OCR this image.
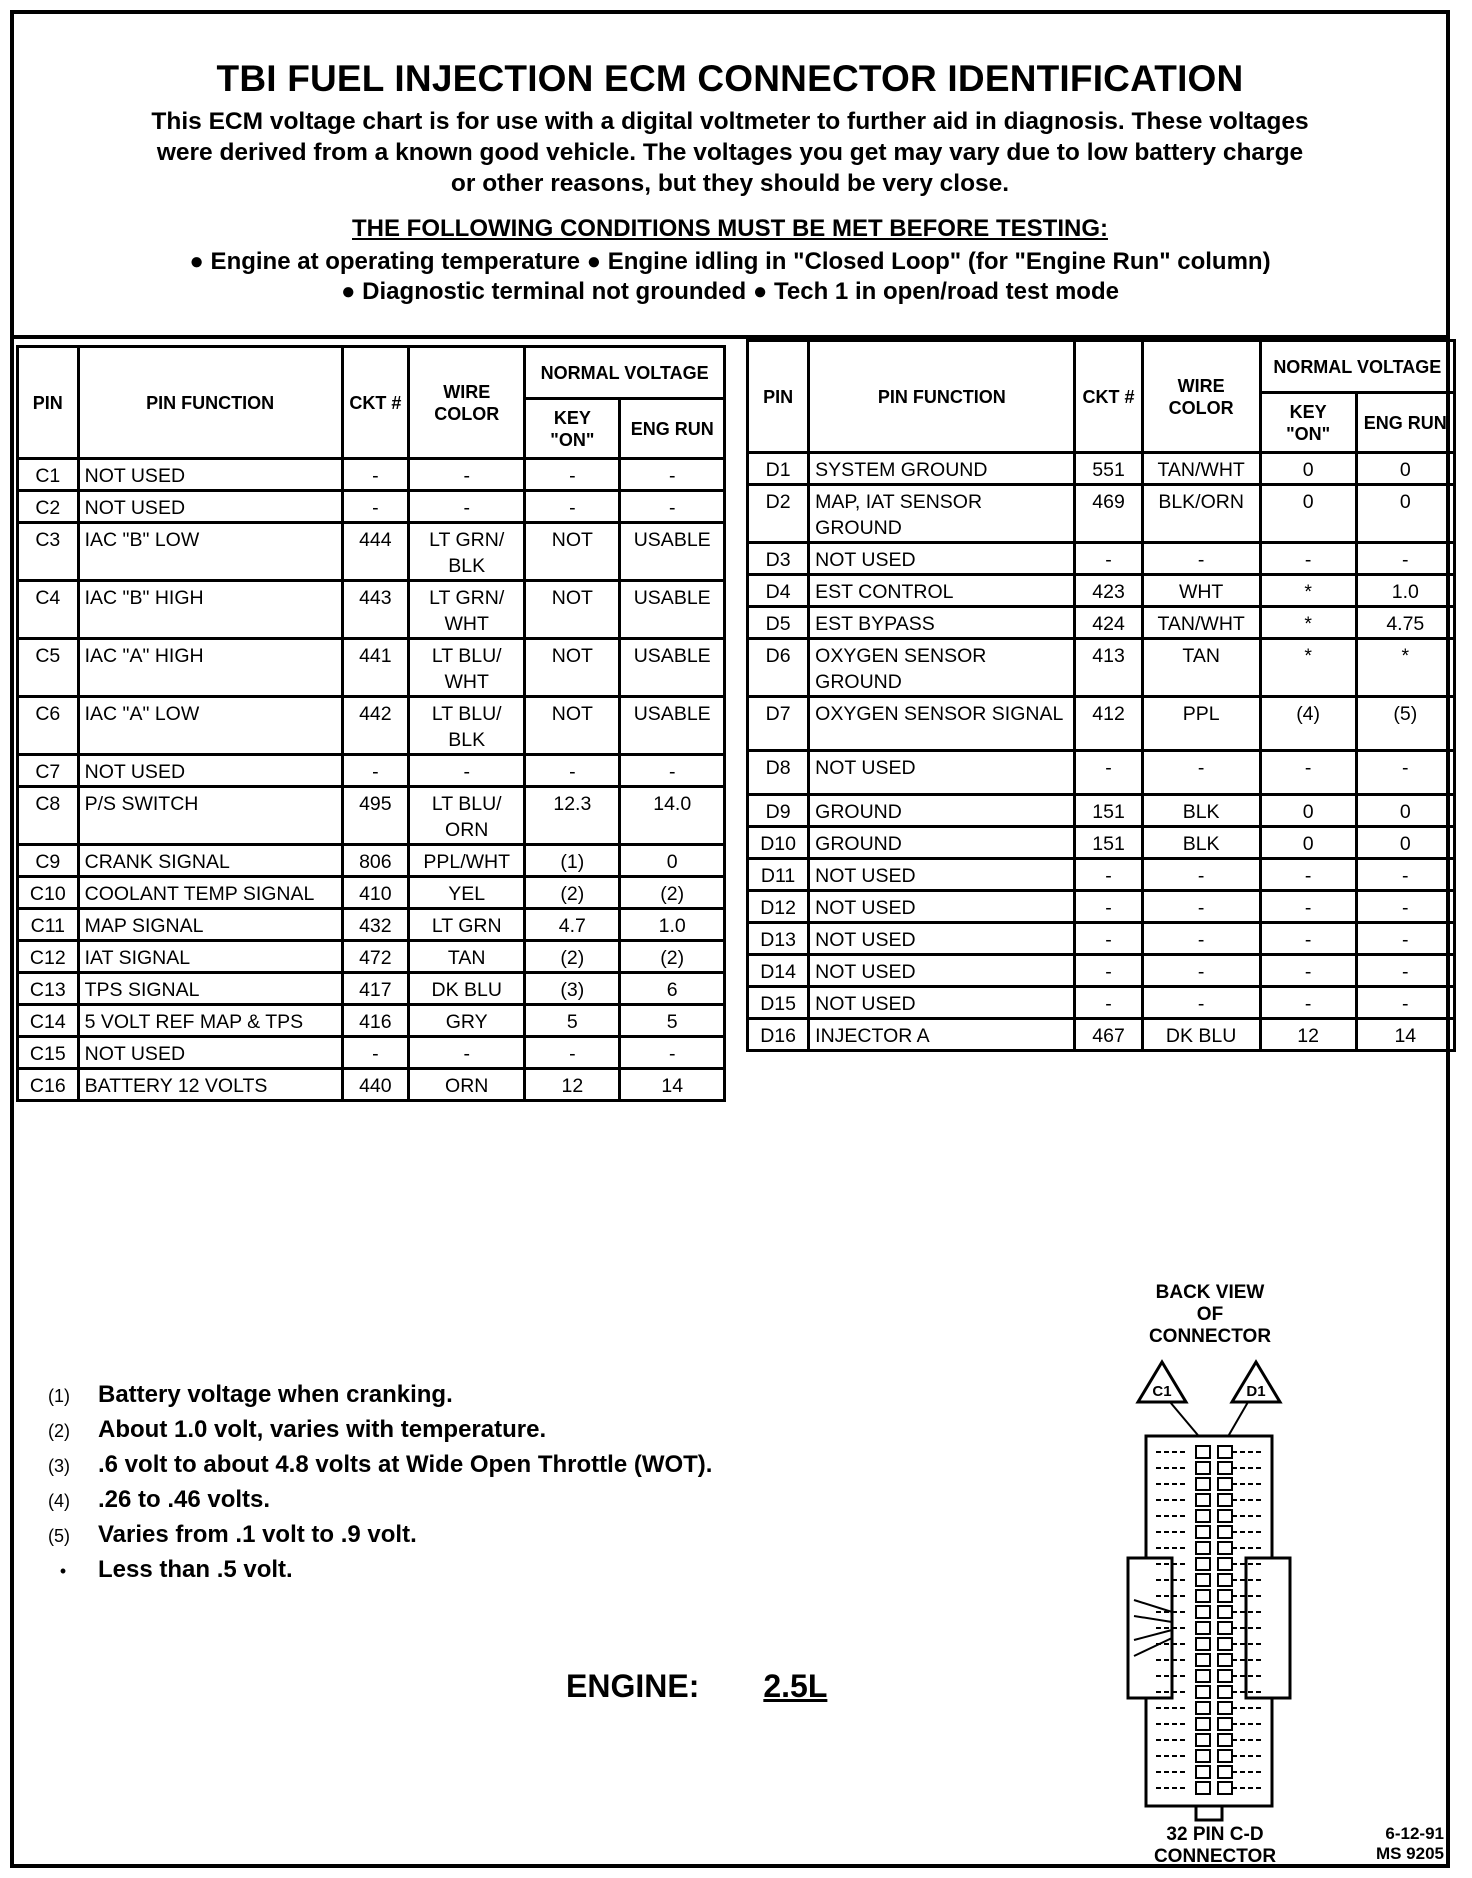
TBI FUEL INJECTION ECM CONNECTOR IDENTIFICATION
This ECM voltage chart is for use with a digital voltmeter to further aid in diagnosis. These voltages
were derived from a known good vehicle. The voltages you get may vary due to low battery charge
or other reasons, but they should be very close.
THE FOLLOWING CONDITIONS MUST BE MET BEFORE TESTING:
● Engine at operating temperature ● Engine idling in "Closed Loop" (for "Engine Run" column)
● Diagnostic terminal not grounded ● Tech 1 in open/road test mode
PIN	PIN FUNCTION	CKT #	WIRE COLOR	NORMAL VOLTAGE	
				KEY "ON"	ENG RUN
C1	NOT USED	-	-	-	-
C2	NOT USED	-	-	-	-
C3	IAC "B" LOW	444	LT GRN/ BLK	NOT	USABLE
C4	IAC "B" HIGH	443	LT GRN/ WHT	NOT	USABLE
C5	IAC "A" HIGH	441	LT BLU/ WHT	NOT	USABLE
C6	IAC "A" LOW	442	LT BLU/ BLK	NOT	USABLE
C7	NOT USED	-	-	-	-
C8	P/S SWITCH	495	LT BLU/ ORN	12.3	14.0
C9	CRANK SIGNAL	806	PPL/WHT	(1)	0
C10	COOLANT TEMP SIGNAL	410	YEL	(2)	(2)
C11	MAP SIGNAL	432	LT GRN	4.7	1.0
C12	IAT SIGNAL	472	TAN	(2)	(2)
C13	TPS SIGNAL	417	DK BLU	(3)	6
C14	5 VOLT REF MAP & TPS	416	GRY	5	5
C15	NOT USED	-	-	-	-
C16	BATTERY 12 VOLTS	440	ORN	12	14
PIN	PIN FUNCTION	CKT #	WIRE COLOR	NORMAL VOLTAGE	
				KEY "ON"	ENG RUN
D1	SYSTEM GROUND	551	TAN/WHT	0	0
D2	MAP, IAT SENSOR GROUND	469	BLK/ORN	0	0
D3	NOT USED	-	-	-	-
D4	EST CONTROL	423	WHT	*	1.0
D5	EST BYPASS	424	TAN/WHT	*	4.75
D6	OXYGEN SENSOR GROUND	413	TAN	*	*
D7	OXYGEN SENSOR SIGNAL	412	PPL	(4)	(5)
D8	NOT USED	-	-	-	-
D9	GROUND	151	BLK	0	0
D10	GROUND	151	BLK	0	0
D11	NOT USED	-	-	-	-
D12	NOT USED	-	-	-	-
D13	NOT USED	-	-	-	-
D14	NOT USED	-	-	-	-
D15	NOT USED	-	-	-	-
D16	INJECTOR A	467	DK BLU	12	14
(1) Battery voltage when cranking.
(2) About 1.0 volt, varies with temperature.
(3) .6 volt to about 4.8 volts at Wide Open Throttle (WOT).
(4) .26 to .46 volts.
(5) Varies from .1 volt to .9 volt.
• Less than .5 volt.
ENGINE: 2.5L
BACK VIEW
OF
CONNECTOR
C1	D1
32 PIN C-D
CONNECTOR
6-12-91
MS 9205
